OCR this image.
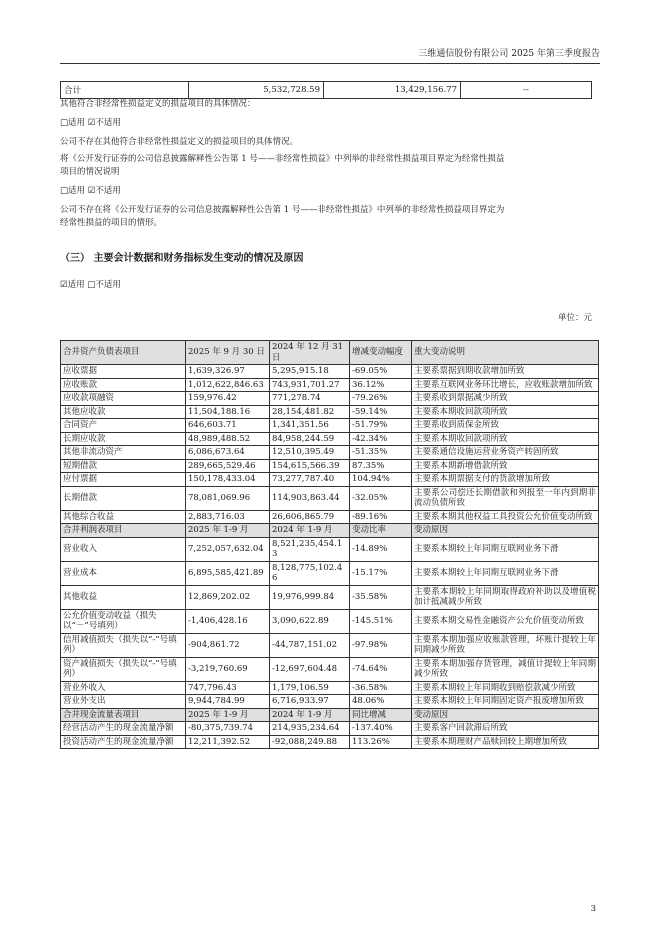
三维通信股份有限公司 2025 年第三季度报告
合计	5,532,728.59	13,429,156.77	--
其他符合非经常性损益定义的损益项目的具体情况：
□适用 ☑不适用
公司不存在其他符合非经常性损益定义的损益项目的具体情况。
将《公开发行证券的公司信息披露解释性公告第 1 号——非经常性损益》中列举的非经常性损益项目界定为经常性损益
项目的情况说明
□适用 ☑不适用
公司不存在将《公开发行证券的公司信息披露解释性公告第 1 号——非经常性损益》中列举的非经常性损益项目界定为
经常性损益的项目的情形。
（三） 主要会计数据和财务指标发生变动的情况及原因
☑适用 □不适用
单位：元
合并资产负债表项目	2025 年 9 月 30 日	2024 年 12 月 31 日	增减变动幅度	重大变动说明
应收票据	1,639,326.97	5,295,915.18	-69.05%	主要系票据到期收款增加所致
应收账款	1,012,622,846.63	743,931,701.27	36.12%	主要系互联网业务环比增长，应收账款增加所致
应收款项融资	159,976.42	771,278.74	-79.26%	主要系收到票据减少所致
其他应收款	11,504,188.16	28,154,481.82	-59.14%	主要系本期收回款项所致
合同资产	646,603.71	1,341,351.56	-51.79%	主要系收到质保金所致
长期应收款	48,989,488.52	84,958,244.59	-42.34%	主要系本期收回款项所致
其他非流动资产	6,086,673.64	12,510,395.49	-51.35%	主要系通信设施运营业务资产转固所致
短期借款	289,665,529.46	154,615,566.39	87.35%	主要系本期新增借款所致
应付票据	150,178,433.04	73,277,787.40	104.94%	主要系本期票据支付的货款增加所致
长期借款	78,081,069.96	114,903,863.44	-32.05%	主要系公司偿还长期借款和列报至一年内到期非流动负债所致
其他综合收益	2,883,716.03	26,606,865.79	-89.16%	主要系本期其他权益工具投资公允价值变动所致
合并利润表项目	2025 年 1-9 月	2024 年 1-9 月	变动比率	变动原因
营业收入	7,252,057,632.04	8,521,235,454.13	-14.89%	主要系本期较上年同期互联网业务下滑
营业成本	6,895,585,421.89	8,128,775,102.46	-15.17%	主要系本期较上年同期互联网业务下滑
其他收益	12,869,202.02	19,976,999.84	-35.58%	主要系本期较上年同期取得政府补助以及增值税加计抵减减少所致
公允价值变动收益（损失以“－”号填列）	-1,406,428.16	3,090,622.89	-145.51%	主要系本期交易性金融资产公允价值变动所致
信用减值损失（损失以“-”号填列）	-904,861.72	-44,787,151.02	-97.98%	主要系本期加强应收账款管理，坏账计提较上年同期减少所致
资产减值损失（损失以“-”号填列）	-3,219,760.69	-12,697,604.48	-74.64%	主要系本期加强存货管理，减值计提较上年同期减少所致
营业外收入	747,796.43	1,179,106.59	-36.58%	主要系本期较上年同期收到赔偿款减少所致
营业外支出	9,944,784.99	6,716,933.97	48.06%	主要系本期较上年同期固定资产报废增加所致
合并现金流量表项目	2025 年 1-9 月	2024 年 1-9 月	同比增减	变动原因
经营活动产生的现金流量净额	-80,375,739.74	214,935,234.64	-137.40%	主要系客户回款滞后所致
投资活动产生的现金流量净额	12,211,392.52	-92,088,249.88	113.26%	主要系本期理财产品赎回较上期增加所致
3
